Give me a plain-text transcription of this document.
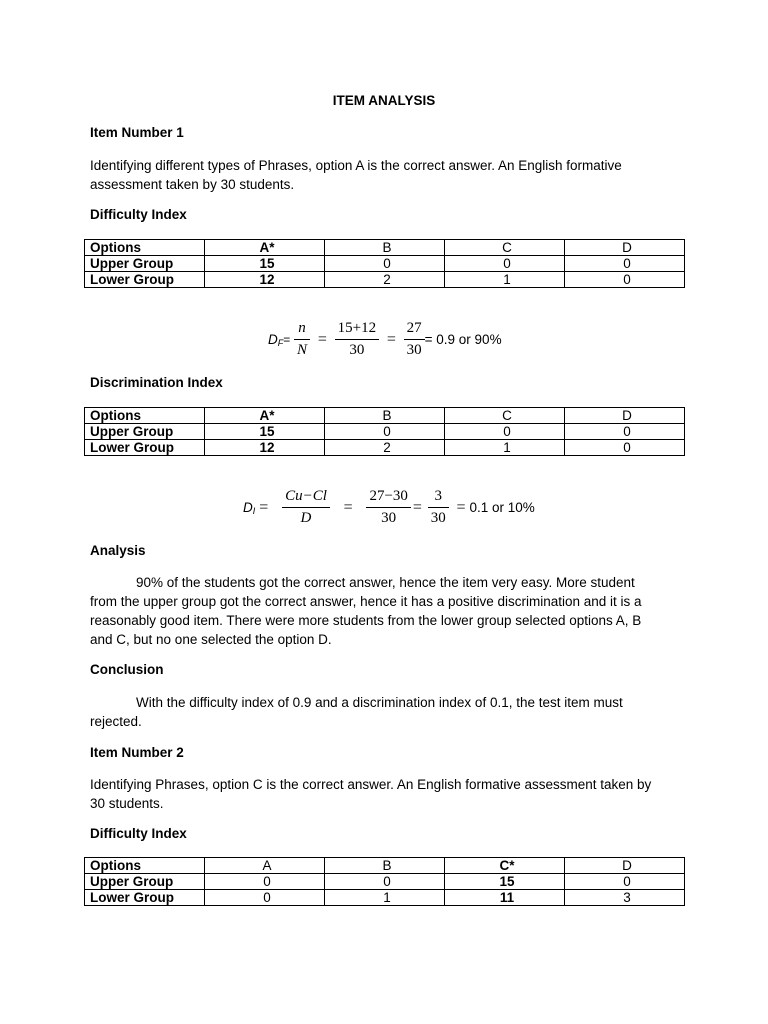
ITEM ANALYSIS
Item Number 1
Identifying different types of Phrases, option A is the correct answer. An English formative assessment taken by 30 students.
Difficulty Index
Options	A*	B	C	D
Upper Group	15	0	0	0
Lower Group	12	2	1	0
$D_F= \frac{n}{N} = \frac{15+12}{30} = \frac{27}{30} = 0.9$ or 90%
Discrimination Index
Options	A*	B	C	D
Upper Group	15	0	0	0
Lower Group	12	2	1	0
$D_I = \frac{Cu-Cl}{D} = \frac{27-30}{30} = \frac{3}{30} = 0.1$ or 10%
Analysis
90% of the students got the correct answer, hence the item very easy. More student from the upper group got the correct answer, hence it has a positive discrimination and it is a reasonably good item. There were more students from the lower group selected options A, B and C, but no one selected the option D.
Conclusion
With the difficulty index of 0.9 and a discrimination index of 0.1, the test item must rejected.
Item Number 2
Identifying Phrases, option C is the correct answer. An English formative assessment taken by 30 students.
Difficulty Index
Options	A	B	C*	D
Upper Group	0	0	15	0
Lower Group	0	1	11	3
